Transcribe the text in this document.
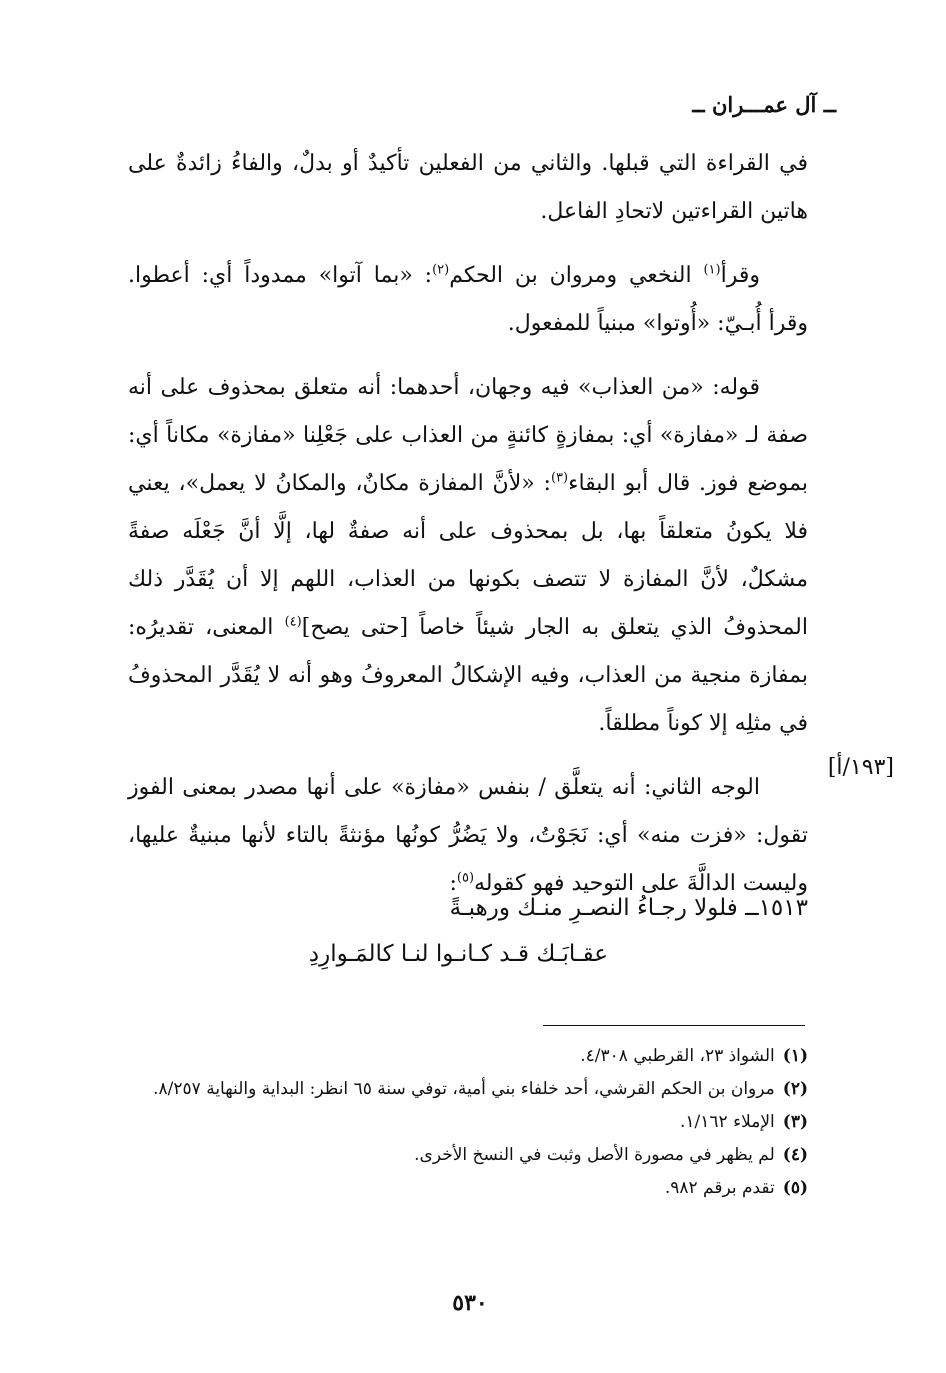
ــ آل عمـــران ــ

في القراءة التي قبلها. والثاني من الفعلين تأكيدٌ أو بدلٌ، والفاءُ زائدةٌ على هاتين القراءتين لاتحادِ الفاعل.

وقرأ$^{(١)}$ النخعي ومروان بن الحكم$^{(٢)}$: «بما آتوا» ممدوداً أي: أعطوا. وقرأ أُبـيّ: «أُوتوا» مبنياً للمفعول.

قوله: «من العذاب» فيه وجهان، أحدهما: أنه متعلق بمحذوف على أنه صفة لـ «مفازة» أي: بمفازةٍ كائنةٍ من العذاب على جَعْلِنا «مفازة» مكاناً أي: بموضع فوز. قال أبو البقاء$^{(٣)}$: «لأنَّ المفازة مكانٌ، والمكانُ لا يعمل»، يعني فلا يكونُ متعلقاً بها، بل بمحذوف على أنه صفةٌ لها، إلَّا أنَّ جَعْلَه صفةً مشكلٌ، لأنَّ المفازة لا تتصف بكونها من العذاب، اللهم إلا أن يُقَدَّر ذلك المحذوفُ الذي يتعلق به الجار شيئاً خاصاً [حتى يصح]$^{(٤)}$ المعنى، تقديرُه: بمفازة منجية من العذاب، وفيه الإشكالُ المعروفُ وهو أنه لا يُقَدَّر المحذوفُ في مثلِه إلا كوناً مطلقاً.

الوجه الثاني: أنه يتعلَّق / بنفس «مفازة» على أنها مصدر بمعنى الفوز تقول: «فزت منه» أي: نَجَوْتُ، ولا يَضُرُّ كونُها مؤنثةً بالتاء لأنها مبنيةٌ عليها، وليست الدالَّةَ على التوحيد فهو كقوله$^{(٥)}$:

[١٩٣/أ]
١٥١٣ــ فلولا رجـاءُ النصـرِ منـك ورهبـةً
عقـابَـك قـد كـانـوا لنـا كالمَـوارِدِ

(١)الشواذ ٢٣، القرطبي ٤/٣٠٨.

(٢)مروان بن الحكم القرشي، أحد خلفاء بني أمية، توفي سنة ٦٥ انظر: البداية والنهاية ٨/٢٥٧.

(٣)الإملاء ١/١٦٢.

(٤)لم يظهر في مصورة الأصل وثبت في النسخ الأخرى.

(٥)تقدم برقم ٩٨٢.

٥٣٠
